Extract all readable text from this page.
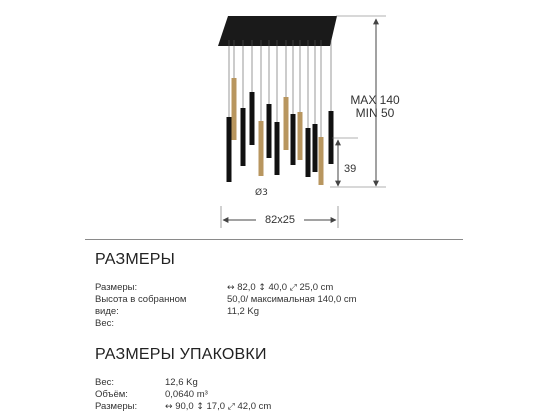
MAX 140
MIN 50
39
Ø3
82x25
РАЗМЕРЫ
Размеры:
Высота в собранном
виде:
Вес:
↔ 82,0 ↕ 40,0 ⤢ 25,0 cm
50,0/ максимальная 140,0 cm
11,2 Kg
РАЗМЕРЫ УПАКОВКИ
Вес:
Объём:
Размеры:
12,6 Kg
0,0640 m³
↔ 90,0 ↕ 17,0 ⤢ 42,0 cm
